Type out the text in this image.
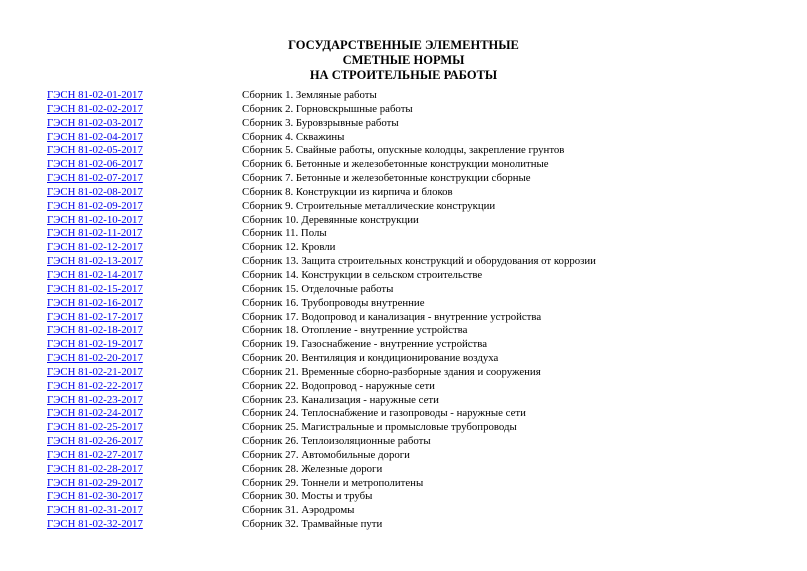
ГОСУДАРСТВЕННЫЕ ЭЛЕМЕНТНЫЕ
СМЕТНЫЕ НОРМЫ
НА СТРОИТЕЛЬНЫЕ РАБОТЫ
ГЭСН 81-02-01-2017	Сборник 1. Земляные работы
ГЭСН 81-02-02-2017	Сборник 2. Горновскрышные работы
ГЭСН 81-02-03-2017	Сборник 3. Буровзрывные работы
ГЭСН 81-02-04-2017	Сборник 4. Скважины
ГЭСН 81-02-05-2017	Сборник 5. Свайные работы, опускные колодцы, закрепление грунтов
ГЭСН 81-02-06-2017	Сборник 6. Бетонные и железобетонные конструкции монолитные
ГЭСН 81-02-07-2017	Сборник 7. Бетонные и железобетонные конструкции сборные
ГЭСН 81-02-08-2017	Сборник 8. Конструкции из кирпича и блоков
ГЭСН 81-02-09-2017	Сборник 9. Строительные металлические конструкции
ГЭСН 81-02-10-2017	Сборник 10. Деревянные конструкции
ГЭСН 81-02-11-2017	Сборник 11. Полы
ГЭСН 81-02-12-2017	Сборник 12. Кровли
ГЭСН 81-02-13-2017	Сборник 13. Защита строительных конструкций и оборудования от коррозии
ГЭСН 81-02-14-2017	Сборник 14. Конструкции в сельском строительстве
ГЭСН 81-02-15-2017	Сборник 15. Отделочные работы
ГЭСН 81-02-16-2017	Сборник 16. Трубопроводы внутренние
ГЭСН 81-02-17-2017	Сборник 17. Водопровод и канализация - внутренние устройства
ГЭСН 81-02-18-2017	Сборник 18. Отопление - внутренние устройства
ГЭСН 81-02-19-2017	Сборник 19. Газоснабжение - внутренние устройства
ГЭСН 81-02-20-2017	Сборник 20. Вентиляция и кондиционирование воздуха
ГЭСН 81-02-21-2017	Сборник 21. Временные сборно-разборные здания и сооружения
ГЭСН 81-02-22-2017	Сборник 22. Водопровод - наружные сети
ГЭСН 81-02-23-2017	Сборник 23. Канализация - наружные сети
ГЭСН 81-02-24-2017	Сборник 24. Теплоснабжение и газопроводы - наружные сети
ГЭСН 81-02-25-2017	Сборник 25. Магистральные и промысловые трубопроводы
ГЭСН 81-02-26-2017	Сборник 26. Теплоизоляционные работы
ГЭСН 81-02-27-2017	Сборник 27. Автомобильные дороги
ГЭСН 81-02-28-2017	Сборник 28. Железные дороги
ГЭСН 81-02-29-2017	Сборник 29. Тоннели и метрополитены
ГЭСН 81-02-30-2017	Сборник 30. Мосты и трубы
ГЭСН 81-02-31-2017	Сборник 31. Аэродромы
ГЭСН 81-02-32-2017	Сборник 32. Трамвайные пути
